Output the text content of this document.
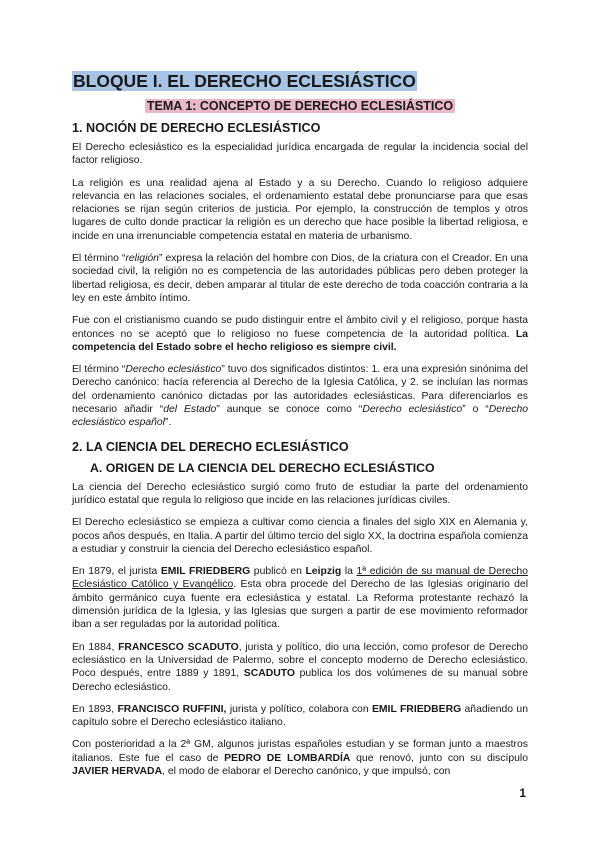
BLOQUE I. EL DERECHO ECLESIÁSTICO
TEMA 1: CONCEPTO DE DERECHO ECLESIÁSTICO
1. NOCIÓN DE DERECHO ECLESIÁSTICO

El Derecho eclesiástico es la especialidad jurídica encargada de regular la incidencia social del factor religioso.

La religión es una realidad ajena al Estado y a su Derecho. Cuando lo religioso adquiere relevancia en las relaciones sociales, el ordenamiento estatal debe pronunciarse para que esas relaciones se rijan según criterios de justicia. Por ejemplo, la construcción de templos y otros lugares de culto donde practicar la religión es un derecho que hace posible la libertad religiosa, e incide en una irrenunciable competencia estatal en materia de urbanismo.

El término “religión” expresa la relación del hombre con Dios, de la criatura con el Creador. En una sociedad civil, la religión no es competencia de las autoridades públicas pero deben proteger la libertad religiosa, es decir, deben amparar al titular de este derecho de toda coacción contraria a la ley en este ámbito íntimo.

Fue con el cristianismo cuando se pudo distinguir entre el ámbito civil y el religioso, porque hasta entonces no se aceptó que lo religioso no fuese competencia de la autoridad política. La competencia del Estado sobre el hecho religioso es siempre civil.

El término “Derecho eclesiástico” tuvo dos significados distintos: 1. era una expresión sinónima del Derecho canónico: hacía referencia al Derecho de la Iglesia Católica, y 2. se incluían las normas del ordenamiento canónico dictadas por las autoridades eclesiásticas. Para diferenciarlos es necesario añadir “del Estado” aunque se conoce como “Derecho eclesiástico” o “Derecho eclesiástico español”.

2. LA CIENCIA DEL DERECHO ECLESIÁSTICO
A. ORIGEN DE LA CIENCIA DEL DERECHO ECLESIÁSTICO

La ciencia del Derecho eclesiástico surgió como fruto de estudiar la parte del ordenamiento jurídico estatal que regula lo religioso que incide en las relaciones jurídicas civiles.

El Derecho eclesiástico se empieza a cultivar como ciencia a finales del siglo XIX en Alemania y, pocos años después, en Italia. A partir del último tercio del siglo XX, la doctrina española comienza a estudiar y construir la ciencia del Derecho eclesiástico español.

En 1879, el jurista EMIL FRIEDBERG publicó en Leipzig la 1ª edición de su manual de Derecho Eclesiástico Católico y Evangélico. Esta obra procede del Derecho de las Iglesias originario del ámbito germánico cuya fuente era eclesiástica y estatal. La Reforma protestante rechazó la dimensión jurídica de la Iglesia, y las Iglesias que surgen a partir de ese movimiento reformador iban a ser reguladas por la autoridad política.

En 1884, FRANCESCO SCADUTO, jurista y político, dio una lección, como profesor de Derecho eclesiástico en la Universidad de Palermo, sobre el concepto moderno de Derecho eclesiástico. Poco después, entre 1889 y 1891, SCADUTO publica los dos volúmenes de su manual sobre Derecho eclesiástico.

En 1893, FRANCISCO RUFFINI, jurista y político, colabora con EMIL FRIEDBERG añadiendo un capítulo sobre el Derecho eclesiástico italiano.

Con posterioridad a la 2ª GM, algunos juristas españoles estudian y se forman junto a maestros italianos. Este fue el caso de PEDRO DE LOMBARDÍA que renovó, junto con su discípulo JAVIER HERVADA, el modo de elaborar el Derecho canónico, y que impulsó, con

1
